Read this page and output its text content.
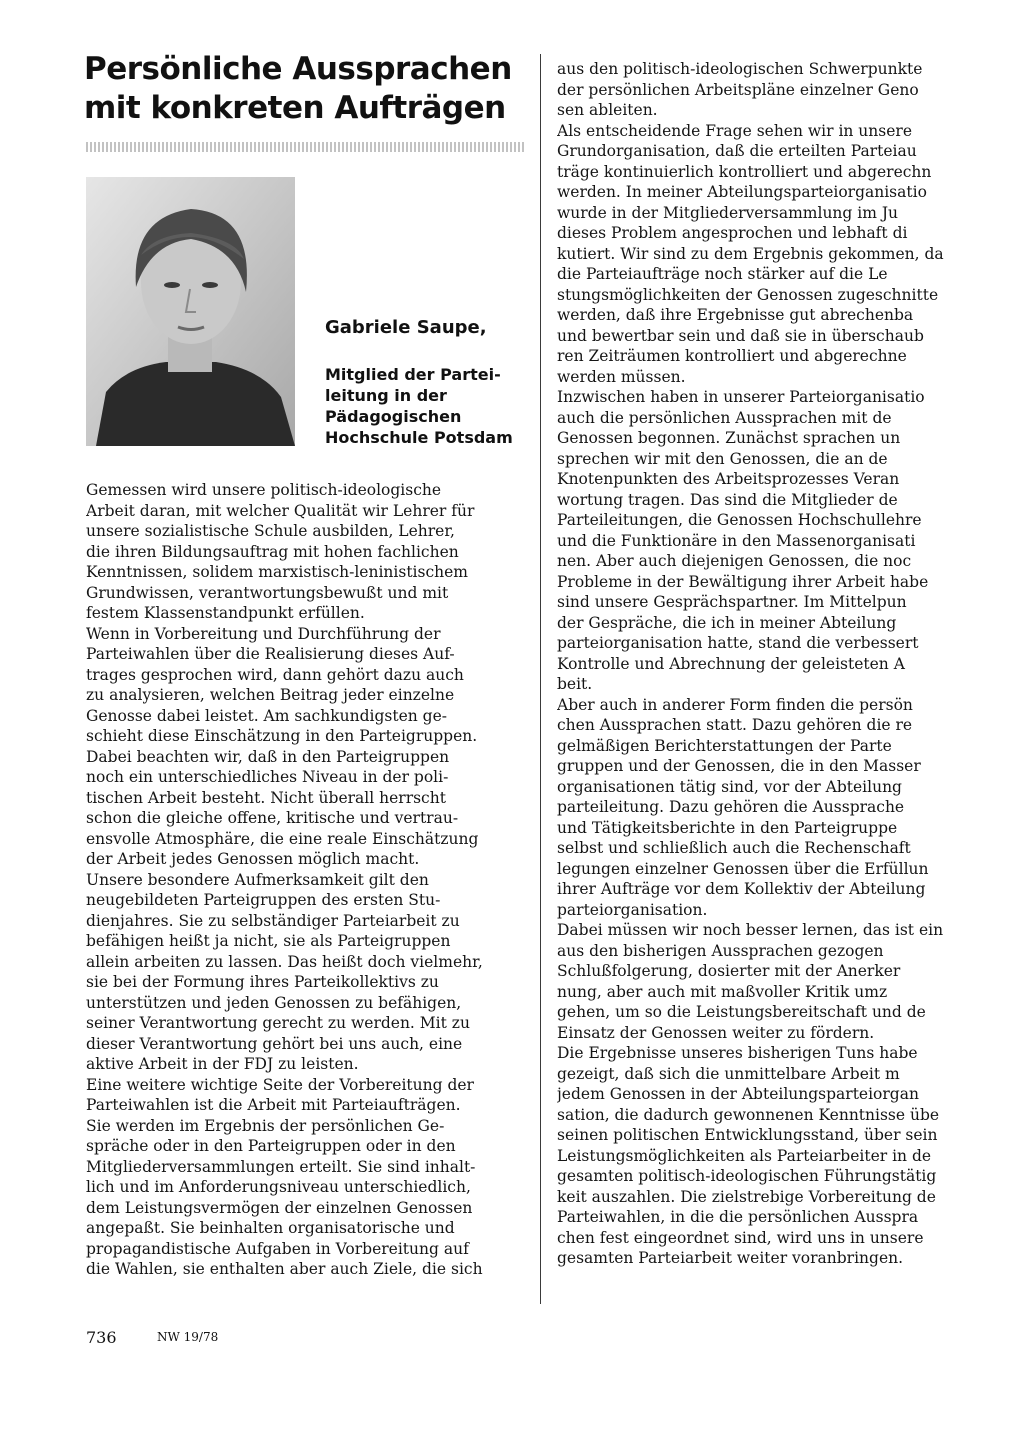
Persönliche Aussprachen
mit konkreten Aufträgen
Gabriele Saupe,
Mitglied der Partei-
leitung in der
Pädagogischen
Hochschule Potsdam
Gemessen wird unsere politisch-ideologische
Arbeit daran, mit welcher Qualität wir Lehrer für
unsere sozialistische Schule ausbilden, Lehrer,
die ihren Bildungsauftrag mit hohen fachlichen
Kenntnissen, solidem marxistisch-leninistischem
Grundwissen, verantwortungsbewußt und mit
festem Klassenstandpunkt erfüllen.
Wenn in Vorbereitung und Durchführung der
Parteiwahlen über die Realisierung dieses Auf-
trages gesprochen wird, dann gehört dazu auch
zu analysieren, welchen Beitrag jeder einzelne
Genosse dabei leistet. Am sachkundigsten ge-
schieht diese Einschätzung in den Parteigruppen.
Dabei beachten wir, daß in den Parteigruppen
noch ein unterschiedliches Niveau in der poli-
tischen Arbeit besteht. Nicht überall herrscht
schon die gleiche offene, kritische und vertrau-
ensvolle Atmosphäre, die eine reale Einschätzung
der Arbeit jedes Genossen möglich macht.
Unsere besondere Aufmerksamkeit gilt den
neugebildeten Parteigruppen des ersten Stu-
dienjahres. Sie zu selbständiger Parteiarbeit zu
befähigen heißt ja nicht, sie als Parteigruppen
allein arbeiten zu lassen. Das heißt doch vielmehr,
sie bei der Formung ihres Parteikollektivs zu
unterstützen und jeden Genossen zu befähigen,
seiner Verantwortung gerecht zu werden. Mit zu
dieser Verantwortung gehört bei uns auch, eine
aktive Arbeit in der FDJ zu leisten.
Eine weitere wichtige Seite der Vorbereitung der
Parteiwahlen ist die Arbeit mit Parteiaufträgen.
Sie werden im Ergebnis der persönlichen Ge-
spräche oder in den Parteigruppen oder in den
Mitgliederversammlungen erteilt. Sie sind inhalt-
lich und im Anforderungsniveau unterschiedlich,
dem Leistungsvermögen der einzelnen Genossen
angepaßt. Sie beinhalten organisatorische und
propagandistische Aufgaben in Vorbereitung auf
die Wahlen, sie enthalten aber auch Ziele, die sich
aus den politisch-ideologischen Schwerpunkte
der persönlichen Arbeitspläne einzelner Geno
sen ableiten.
Als entscheidende Frage sehen wir in unsere
Grundorganisation, daß die erteilten Parteiau
träge kontinuierlich kontrolliert und abgerechn
werden. In meiner Abteilungsparteiorganisatio
wurde in der Mitgliederversammlung im Ju
dieses Problem angesprochen und lebhaft di
kutiert. Wir sind zu dem Ergebnis gekommen, da
die Parteiaufträge noch stärker auf die Le
stungsmöglichkeiten der Genossen zugeschnitte
werden, daß ihre Ergebnisse gut abrechenba
und bewertbar sein und daß sie in überschaub
ren Zeiträumen kontrolliert und abgerechne
werden müssen.
Inzwischen haben in unserer Parteiorganisatio
auch die persönlichen Aussprachen mit de
Genossen begonnen. Zunächst sprachen un
sprechen wir mit den Genossen, die an de
Knotenpunkten des Arbeitsprozesses Veran
wortung tragen. Das sind die Mitglieder de
Parteileitungen, die Genossen Hochschullehre
und die Funktionäre in den Massenorganisati
nen. Aber auch diejenigen Genossen, die noc
Probleme in der Bewältigung ihrer Arbeit habe
sind unsere Gesprächspartner. Im Mittelpun
der Gespräche, die ich in meiner Abteilung
parteiorganisation hatte, stand die verbessert
Kontrolle und Abrechnung der geleisteten A
beit.
Aber auch in anderer Form finden die persön
chen Aussprachen statt. Dazu gehören die re
gelmäßigen Berichterstattungen der Parte
gruppen und der Genossen, die in den Masser
organisationen tätig sind, vor der Abteilung
parteileitung. Dazu gehören die Aussprache
und Tätigkeitsberichte in den Parteigruppe
selbst und schließlich auch die Rechenschaft
legungen einzelner Genossen über die Erfüllun
ihrer Aufträge vor dem Kollektiv der Abteilung
parteiorganisation.
Dabei müssen wir noch besser lernen, das ist ein
aus den bisherigen Aussprachen gezogen
Schlußfolgerung, dosierter mit der Anerker
nung, aber auch mit maßvoller Kritik umz
gehen, um so die Leistungsbereitschaft und de
Einsatz der Genossen weiter zu fördern.
Die Ergebnisse unseres bisherigen Tuns habe
gezeigt, daß sich die unmittelbare Arbeit m
jedem Genossen in der Abteilungsparteiorgan
sation, die dadurch gewonnenen Kenntnisse übe
seinen politischen Entwicklungsstand, über sein
Leistungsmöglichkeiten als Parteiarbeiter in de
gesamten politisch-ideologischen Führungstätig
keit auszahlen. Die zielstrebige Vorbereitung de
Parteiwahlen, in die die persönlichen Ausspra
chen fest eingeordnet sind, wird uns in unsere
gesamten Parteiarbeit weiter voranbringen.
736	NW 19/78
